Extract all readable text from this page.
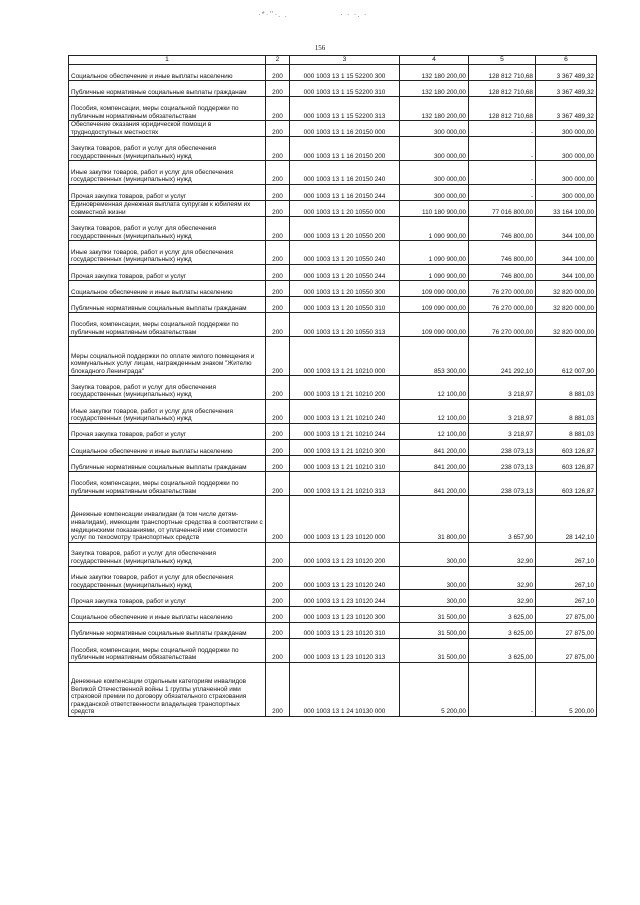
·*·''·. .	· · ·. ·
156
1	2	3	4	5	6
Социальное обеспечение и иные выплаты населению	200	000 1003 13 1 15 52200 300	132 180 200,00	128 812 710,68	3 367 489,32
Публичные нормативные социальные выплаты гражданам	200	000 1003 13 1 15 52200 310	132 180 200,00	128 812 710,68	3 367 489,32
Пособия, компенсации, меры социальной поддержки по публичным нормативным обязательствам	200	000 1003 13 1 15 52200 313	132 180 200,00	128 812 710,68	3 367 489,32
Обеспечение оказания юридической помощи в труднодоступных местностях	200	000 1003 13 1 16 20150 000	300 000,00	-	300 000,00
Закупка товаров, работ и услуг для обеспечения государственных (муниципальных) нужд	200	000 1003 13 1 16 20150 200	300 000,00	-	300 000,00
Иные закупки товаров, работ и услуг для обеспечения государственных (муниципальных) нужд	200	000 1003 13 1 16 20150 240	300 000,00	-	300 000,00
Прочая закупка товаров, работ и услуг	200	000 1003 13 1 16 20150 244	300 000,00	-	300 000,00
Единовременная денежная выплата супругам к юбилеям их совместной жизни	200	000 1003 13 1 20 10550 000	110 180 900,00	77 016 800,00	33 164 100,00
Закупка товаров, работ и услуг для обеспечения государственных (муниципальных) нужд	200	000 1003 13 1 20 10550 200	1 090 900,00	746 800,00	344 100,00
Иные закупки товаров, работ и услуг для обеспечения государственных (муниципальных) нужд	200	000 1003 13 1 20 10550 240	1 090 900,00	746 800,00	344 100,00
Прочая закупка товаров, работ и услуг	200	000 1003 13 1 20 10550 244	1 090 900,00	746 800,00	344 100,00
Социальное обеспечение и иные выплаты населению	200	000 1003 13 1 20 10550 300	109 090 000,00	76 270 000,00	32 820 000,00
Публичные нормативные социальные выплаты гражданам	200	000 1003 13 1 20 10550 310	109 090 000,00	76 270 000,00	32 820 000,00
Пособия, компенсации, меры социальной поддержки по публичным нормативным обязательствам	200	000 1003 13 1 20 10550 313	109 090 000,00	76 270 000,00	32 820 000,00
Меры социальной поддержки по оплате жилого помещения и коммунальных услуг лицам, награжденным знаком "Жителю блокадного Ленинграда"	200	000 1003 13 1 21 10210 000	853 300,00	241 292,10	612 007,90
Закупка товаров, работ и услуг для обеспечения государственных (муниципальных) нужд	200	000 1003 13 1 21 10210 200	12 100,00	3 218,97	8 881,03
Иные закупки товаров, работ и услуг для обеспечения государственных (муниципальных) нужд	200	000 1003 13 1 21 10210 240	12 100,00	3 218,97	8 881,03
Прочая закупка товаров, работ и услуг	200	000 1003 13 1 21 10210 244	12 100,00	3 218,97	8 881,03
Социальное обеспечение и иные выплаты населению	200	000 1003 13 1 21 10210 300	841 200,00	238 073,13	603 126,87
Публичные нормативные социальные выплаты гражданам	200	000 1003 13 1 21 10210 310	841 200,00	238 073,13	603 126,87
Пособия, компенсации, меры социальной поддержки по публичным нормативным обязательствам	200	000 1003 13 1 21 10210 313	841 200,00	238 073,13	603 126,87
Денежные компенсации инвалидам (в том числе детям-инвалидам), имеющим транспортные средства в соответствии с медицинскими показаниями, от уплаченной ими стоимости услуг по техосмотру транспортных средств	200	000 1003 13 1 23 10120 000	31 800,00	3 657,90	28 142,10
Закупка товаров, работ и услуг для обеспечения государственных (муниципальных) нужд	200	000 1003 13 1 23 10120 200	300,00	32,90	267,10
Иные закупки товаров, работ и услуг для обеспечения государственных (муниципальных) нужд	200	000 1003 13 1 23 10120 240	300,00	32,90	267,10
Прочая закупка товаров, работ и услуг	200	000 1003 13 1 23 10120 244	300,00	32,90	267,10
Социальное обеспечение и иные выплаты населению	200	000 1003 13 1 23 10120 300	31 500,00	3 625,00	27 875,00
Публичные нормативные социальные выплаты гражданам	200	000 1003 13 1 23 10120 310	31 500,00	3 625,00	27 875,00
Пособия, компенсации, меры социальной поддержки по публичным нормативным обязательствам	200	000 1003 13 1 23 10120 313	31 500,00	3 625,00	27 875,00
Денежные компенсации отдельным категориям инвалидов Великой Отечественной войны 1 группы уплаченной ими страховой премии по договору обязательного страхования гражданской ответственности владельцев транспортных средств	200	000 1003 13 1 24 10130 000	5 200,00	-	5 200,00
